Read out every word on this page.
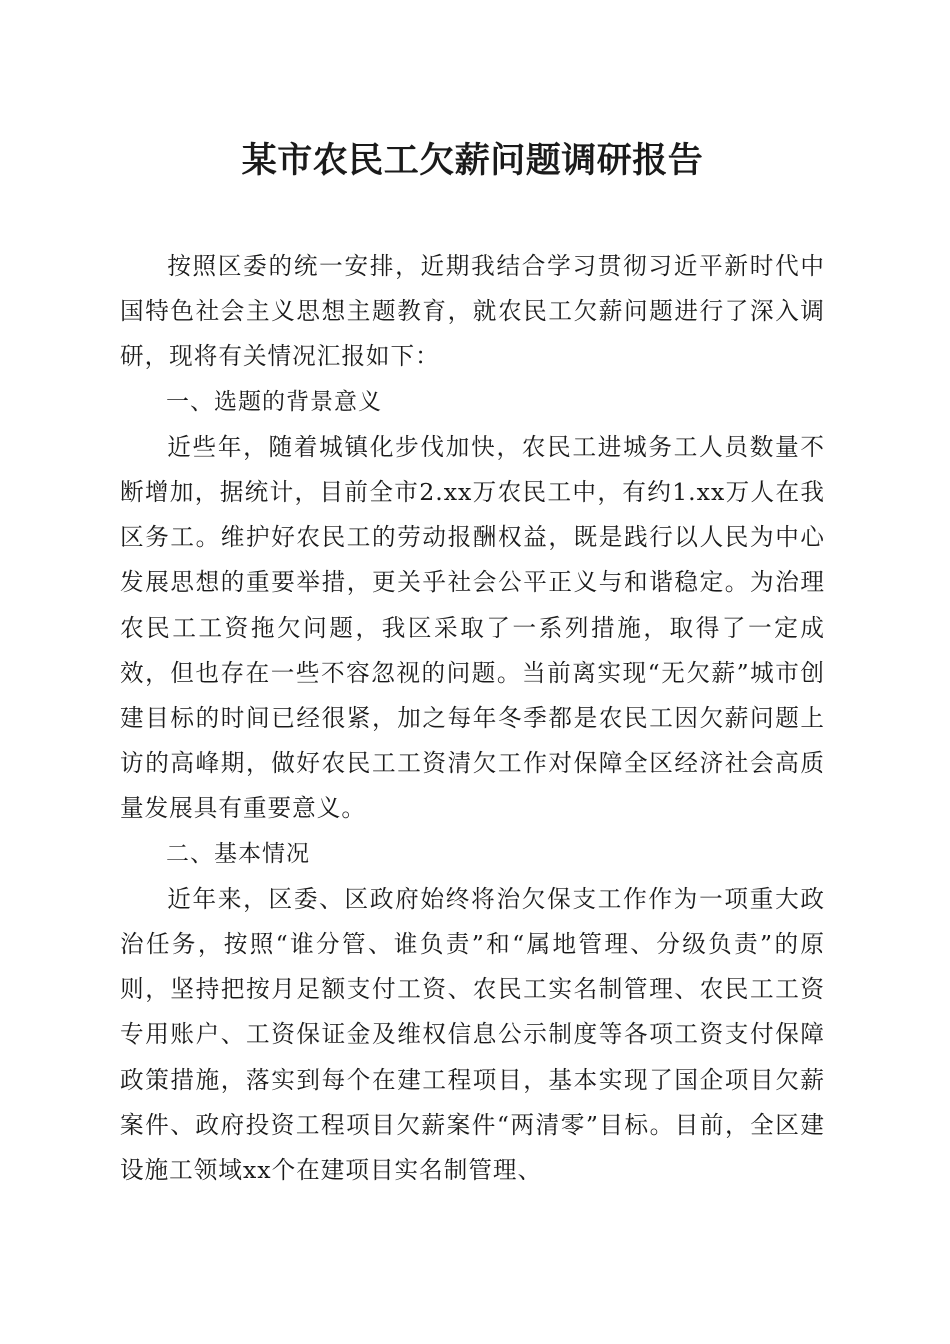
某市农民工欠薪问题调研报告

按照区委的统一安排，近期我结合学习贯彻习近平新时代中国特色社会主义思想主题教育，就农民工欠薪问题进行了深入调研，现将有关情况汇报如下：

一、选题的背景意义

近些年，随着城镇化步伐加快，农民工进城务工人员数量不断增加，据统计，目前全市2.xx万农民工中，有约1.xx万人在我区务工。维护好农民工的劳动报酬权益，既是践行以人民为中心发展思想的重要举措，更关乎社会公平正义与和谐稳定。为治理农民工工资拖欠问题，我区采取了一系列措施，取得了一定成效，但也存在一些不容忽视的问题。当前离实现“无欠薪”城市创建目标的时间已经很紧，加之每年冬季都是农民工因欠薪问题上访的高峰期，做好农民工工资清欠工作对保障全区经济社会高质量发展具有重要意义。

二、基本情况

近年来，区委、区政府始终将治欠保支工作作为一项重大政治任务，按照“谁分管、谁负责”和“属地管理、分级负责”的原则，坚持把按月足额支付工资、农民工实名制管理、农民工工资专用账户、工资保证金及维权信息公示制度等各项工资支付保障政策措施，落实到每个在建工程项目，基本实现了国企项目欠薪案件、政府投资工程项目欠薪案件“两清零”目标。目前，全区建设施工领域xx个在建项目实名制管理、
